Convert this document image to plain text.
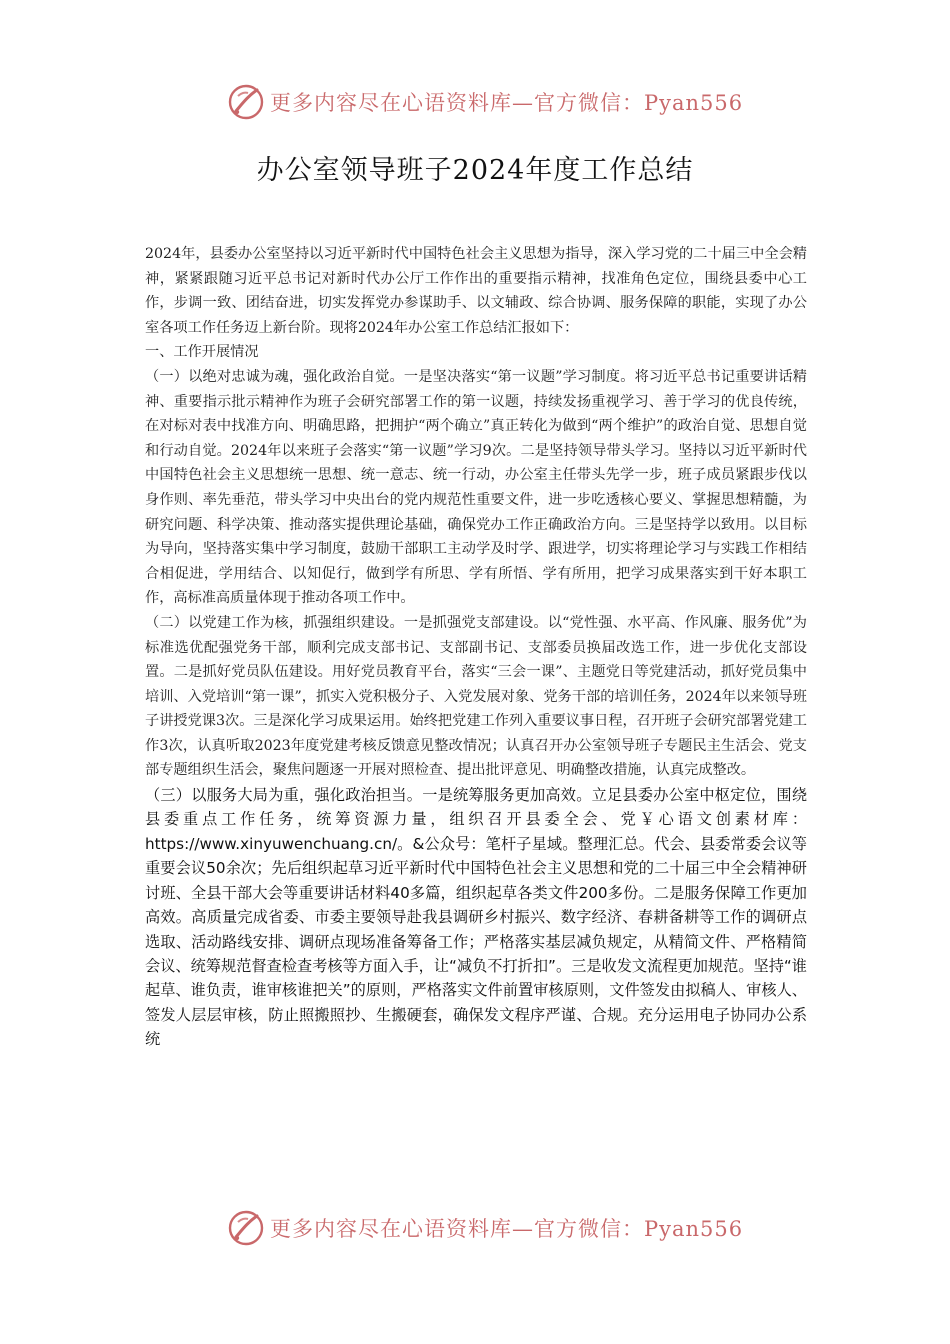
更多内容尽在心语资料库—官方微信：Pyan556
办公室领导班子2024年度工作总结

2024年，县委办公室坚持以习近平新时代中国特色社会主义思想为指导，深入学习党的二十届三中全会精神，紧紧跟随习近平总书记对新时代办公厅工作作出的重要指示精神，找准角色定位，围绕县委中心工作，步调一致、团结奋进，切实发挥党办参谋助手、以文辅政、综合协调、服务保障的职能，实现了办公室各项工作任务迈上新台阶。现将2024年办公室工作总结汇报如下：

一、工作开展情况

（一）以绝对忠诚为魂，强化政治自觉。一是坚决落实“第一议题”学习制度。将习近平总书记重要讲话精神、重要指示批示精神作为班子会研究部署工作的第一议题，持续发扬重视学习、善于学习的优良传统，在对标对表中找准方向、明确思路，把拥护“两个确立”真正转化为做到“两个维护”的政治自觉、思想自觉和行动自觉。2024年以来班子会落实“第一议题”学习9次。二是坚持领导带头学习。坚持以习近平新时代中国特色社会主义思想统一思想、统一意志、统一行动，办公室主任带头先学一步，班子成员紧跟步伐以身作则、率先垂范，带头学习中央出台的党内规范性重要文件，进一步吃透核心要义、掌握思想精髓，为研究问题、科学决策、推动落实提供理论基础，确保党办工作正确政治方向。三是坚持学以致用。以目标为导向，坚持落实集中学习制度，鼓励干部职工主动学及时学、跟进学，切实将理论学习与实践工作相结合相促进，学用结合、以知促行，做到学有所思、学有所悟、学有所用，把学习成果落实到干好本职工作，高标准高质量体现于推动各项工作中。

（二）以党建工作为核，抓强组织建设。一是抓强党支部建设。以“党性强、水平高、作风廉、服务优”为标准选优配强党务干部，顺利完成支部书记、支部副书记、支部委员换届改选工作，进一步优化支部设置。二是抓好党员队伍建设。用好党员教育平台，落实“三会一课”、主题党日等党建活动，抓好党员集中培训、入党培训“第一课”，抓实入党积极分子、入党发展对象、党务干部的培训任务，2024年以来领导班子讲授党课3次。三是深化学习成果运用。始终把党建工作列入重要议事日程，召开班子会研究部署党建工作3次，认真听取2023年度党建考核反馈意见整改情况；认真召开办公室领导班子专题民主生活会、党支部专题组织生活会，聚焦问题逐一开展对照检查、提出批评意见、明确整改措施，认真完成整改。

（三）以服务大局为重，强化政治担当。一是统筹服务更加高效。立足县委办公室中枢定位，围绕县委重点工作任务，统筹资源力量，组织召开县委全会、党￥心语文创素材库：https://www.xinyuwenchuang.cn/。&公众号：笔杆子星域。整理汇总。代会、县委常委会议等重要会议50余次；先后组织起草习近平新时代中国特色社会主义思想和党的二十届三中全会精神研讨班、全县干部大会等重要讲话材料40多篇，组织起草各类文件200多份。二是服务保障工作更加高效。高质量完成省委、市委主要领导赴我县调研乡村振兴、数字经济、春耕备耕等工作的调研点选取、活动路线安排、调研点现场准备筹备工作；严格落实基层减负规定，从精简文件、严格精简会议、统筹规范督查检查考核等方面入手，让“减负不打折扣”。三是收发文流程更加规范。坚持“谁起草、谁负责，谁审核谁把关”的原则，严格落实文件前置审核原则，文件签发由拟稿人、审核人、签发人层层审核，防止照搬照抄、生搬硬套，确保发文程序严谨、合规。充分运用电子协同办公系统

更多内容尽在心语资料库—官方微信：Pyan556
